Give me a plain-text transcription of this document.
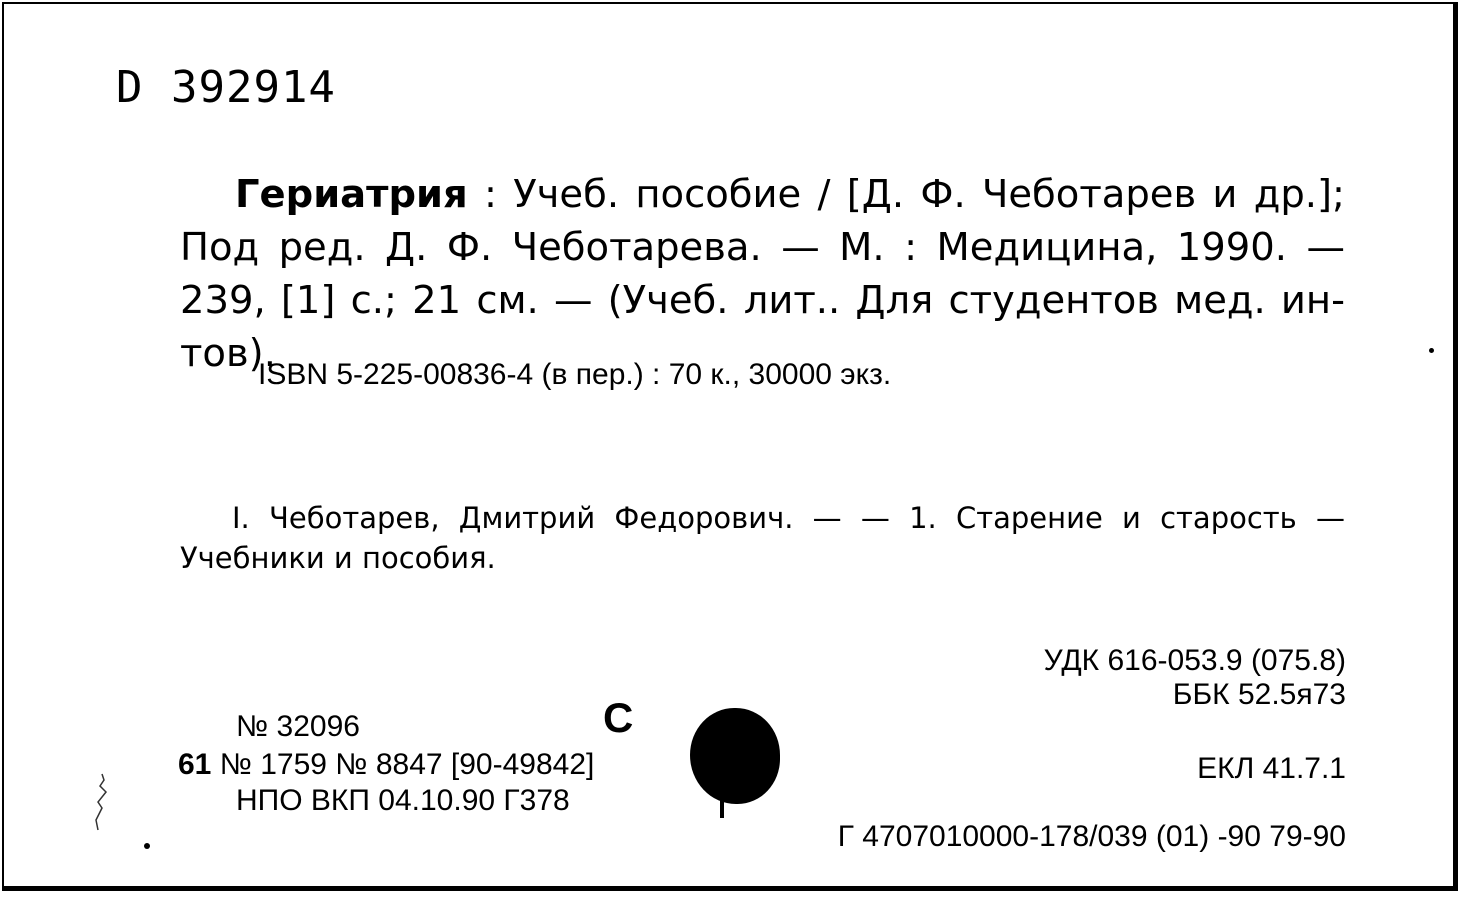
D 392914
Гериатрия : Учеб. пособие / [Д. Ф. Чеботарев и др.]; Под ред. Д. Ф. Чеботарева. — М. : Медицина, 1990. — 239, [1] с.; 21 см. — (Учеб. лит.. Для студентов мед. ин-тов).
ISBN 5-225-00836-4 (в пер.) : 70 к., 30000 экз.
I. Чеботарев, Дмитрий Федорович. — — 1. Старение и старость — Учебники и пособия.
УДК 616-053.9 (075.8)
ББК 52.5я73
ЕКЛ 41.7.1
Г 4707010000-178/039 (01) -90 79-90
№ 32096
61 № 1759 № 8847 [90-49842]
НПО ВКП 04.10.90 Г378
С
